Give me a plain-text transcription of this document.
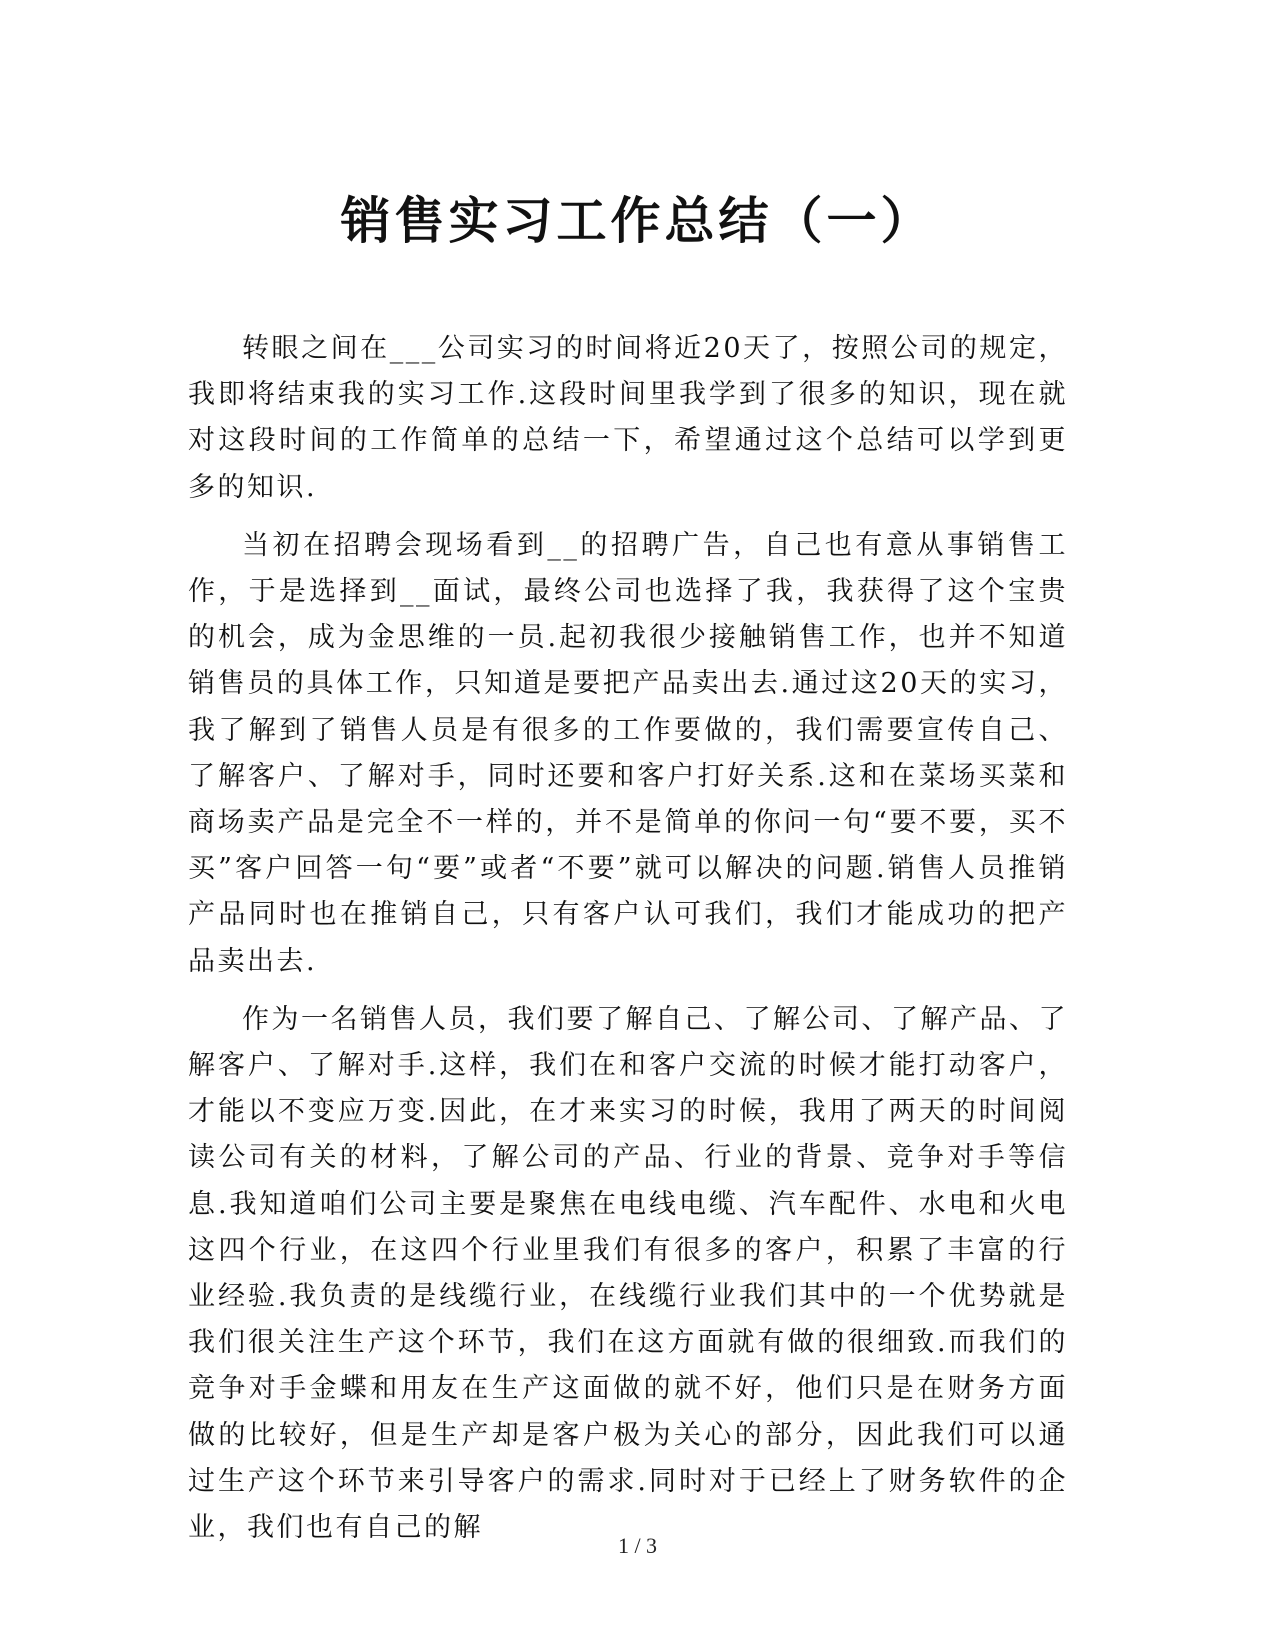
销售实习工作总结（一）

转眼之间在___公司实习的时间将近20天了，按照公司的规定，我即将结束我的实习工作.这段时间里我学到了很多的知识，现在就对这段时间的工作简单的总结一下，希望通过这个总结可以学到更多的知识.

当初在招聘会现场看到__的招聘广告，自己也有意从事销售工作，于是选择到__面试，最终公司也选择了我，我获得了这个宝贵的机会，成为金思维的一员.起初我很少接触销售工作，也并不知道销售员的具体工作，只知道是要把产品卖出去.通过这20天的实习，我了解到了销售人员是有很多的工作要做的，我们需要宣传自己、了解客户、了解对手，同时还要和客户打好关系.这和在菜场买菜和商场卖产品是完全不一样的，并不是简单的你问一句“要不要，买不买”客户回答一句“要”或者“不要”就可以解决的问题.销售人员推销产品同时也在推销自己，只有客户认可我们，我们才能成功的把产品卖出去.

作为一名销售人员，我们要了解自己、了解公司、了解产品、了解客户、了解对手.这样，我们在和客户交流的时候才能打动客户，才能以不变应万变.因此，在才来实习的时候，我用了两天的时间阅读公司有关的材料，了解公司的产品、行业的背景、竞争对手等信息.我知道咱们公司主要是聚焦在电线电缆、汽车配件、水电和火电这四个行业，在这四个行业里我们有很多的客户，积累了丰富的行业经验.我负责的是线缆行业，在线缆行业我们其中的一个优势就是我们很关注生产这个环节，我们在这方面就有做的很细致.而我们的竞争对手金蝶和用友在生产这面做的就不好，他们只是在财务方面做的比较好，但是生产却是客户极为关心的部分，因此我们可以通过生产这个环节来引导客户的需求.同时对于已经上了财务软件的企业，我们也有自己的解

1 / 3
